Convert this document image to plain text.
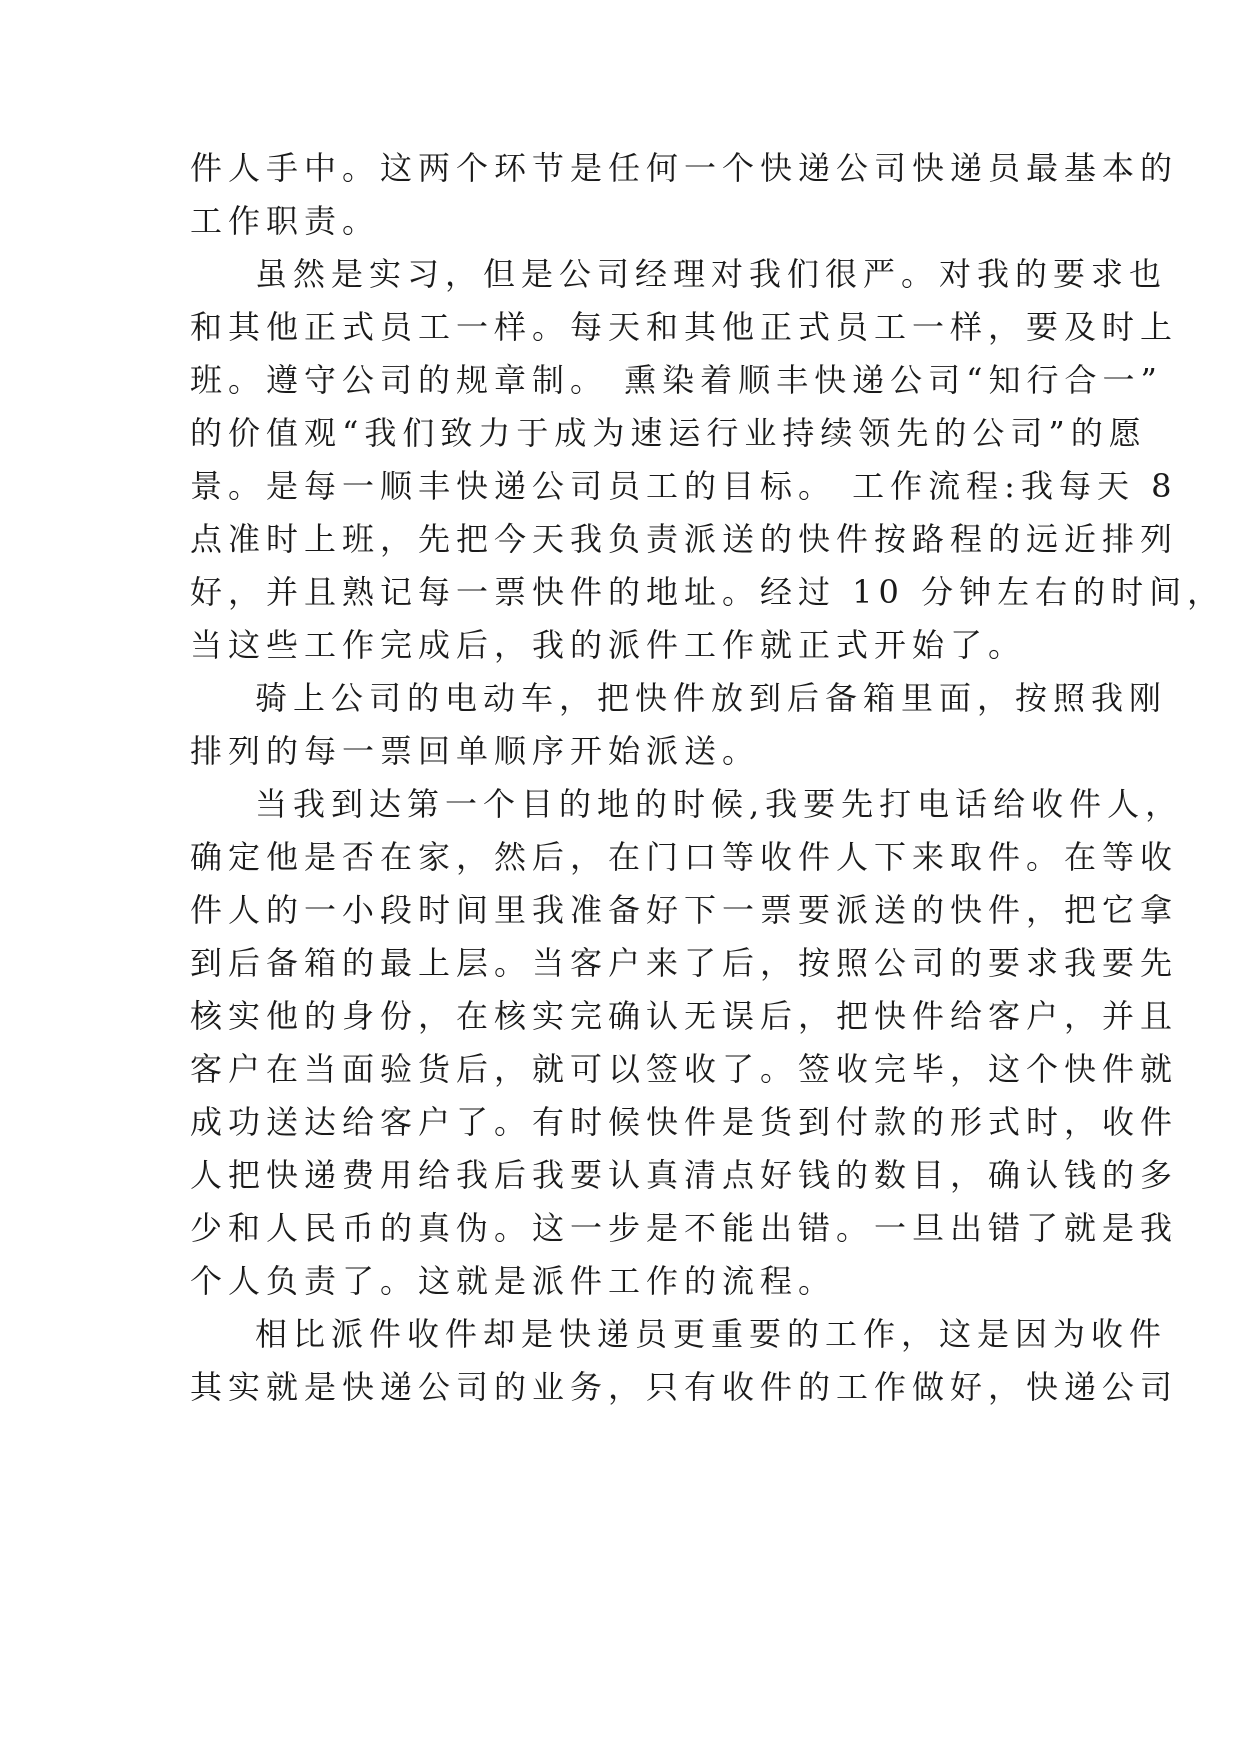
件人手中。这两个环节是任何一个快递公司快递员最基本的
工作职责。
虽然是实习，但是公司经理对我们很严。对我的要求也
和其他正式员工一样。每天和其他正式员工一样，要及时上
班。遵守公司的规章制。 熏染着顺丰快递公司“知行合一”
的价值观“我们致力于成为速运行业持续领先的公司”的愿
景。是每一顺丰快递公司员工的目标。 工作流程:我每天 8
点准时上班，先把今天我负责派送的快件按路程的远近排列
好，并且熟记每一票快件的地址。经过 10 分钟左右的时间，
当这些工作完成后，我的派件工作就正式开始了。
骑上公司的电动车，把快件放到后备箱里面，按照我刚
排列的每一票回单顺序开始派送。
当我到达第一个目的地的时候,我要先打电话给收件人，
确定他是否在家，然后，在门口等收件人下来取件。在等收
件人的一小段时间里我准备好下一票要派送的快件，把它拿
到后备箱的最上层。当客户来了后，按照公司的要求我要先
核实他的身份，在核实完确认无误后，把快件给客户，并且
客户在当面验货后，就可以签收了。签收完毕，这个快件就
成功送达给客户了。有时候快件是货到付款的形式时，收件
人把快递费用给我后我要认真清点好钱的数目，确认钱的多
少和人民币的真伪。这一步是不能出错。一旦出错了就是我
个人负责了。这就是派件工作的流程。
相比派件收件却是快递员更重要的工作，这是因为收件
其实就是快递公司的业务，只有收件的工作做好，快递公司
